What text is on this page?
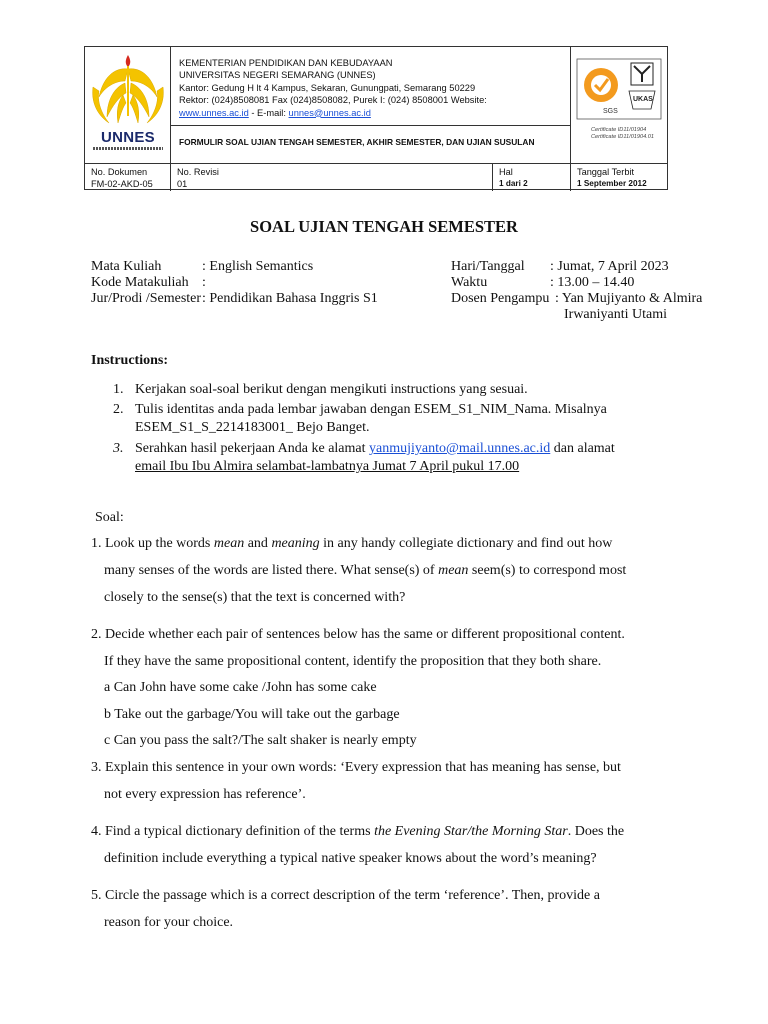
UNNES
KEMENTERIAN PENDIDIKAN DAN KEBUDAYAAN
UNIVERSITAS NEGERI SEMARANG (UNNES)
Kantor: Gedung H lt 4 Kampus, Sekaran, Gunungpati, Semarang 50229
Rektor: (024)8508081 Fax (024)8508082, Purek I: (024) 8508001 Website:
www.unnes.ac.id - E-mail: unnes@unnes.ac.id
FORMULIR SOAL UJIAN TENGAH SEMESTER, AKHIR SEMESTER, DAN UJIAN SUSULAN
SGS
UKAS
Certificate ID11/01904
Certificate ID11/01904.01
No. Dokumen
FM-02-AKD-05
No. Revisi
01
Hal
1 dari 2
Tanggal Terbit
1 September 2012
SOAL UJIAN TENGAH SEMESTER
Mata Kuliah	: English Semantics
Kode Matakuliah :
Jur/Prodi /Semester : Pendidikan Bahasa Inggris S1
Hari/Tanggal : Jumat, 7 April 2023
Waktu	: 13.00 – 14.40
Dosen Pengampu : Yan Mujiyanto & Almira
Irwaniyanti Utami
Instructions:
1. Kerjakan soal-soal berikut dengan mengikuti instructions yang sesuai.
2. Tulis identitas anda pada lembar jawaban dengan ESEM_S1_NIM_Nama. Misalnya
ESEM_S1_S_2214183001_ Bejo Banget.
3. Serahkan hasil pekerjaan Anda ke alamat yanmujiyanto@mail.unnes.ac.id dan alamat
email Ibu Ibu Almira selambat-lambatnya Jumat 7 April pukul 17.00
Soal:
1. Look up the words mean and meaning in any handy collegiate dictionary and find out how
many senses of the words are listed there. What sense(s) of mean seem(s) to correspond most
closely to the sense(s) that the text is concerned with?
2. Decide whether each pair of sentences below has the same or different propositional content.
If they have the same propositional content, identify the proposition that they both share.
a Can John have some cake /John has some cake
b Take out the garbage/You will take out the garbage
c Can you pass the salt?/The salt shaker is nearly empty
3. Explain this sentence in your own words: ‘Every expression that has meaning has sense, but
not every expression has reference’.
4. Find a typical dictionary definition of the terms the Evening Star/the Morning Star. Does the
definition include everything a typical native speaker knows about the word’s meaning?
5. Circle the passage which is a correct description of the term ‘reference’. Then, provide a
reason for your choice.
